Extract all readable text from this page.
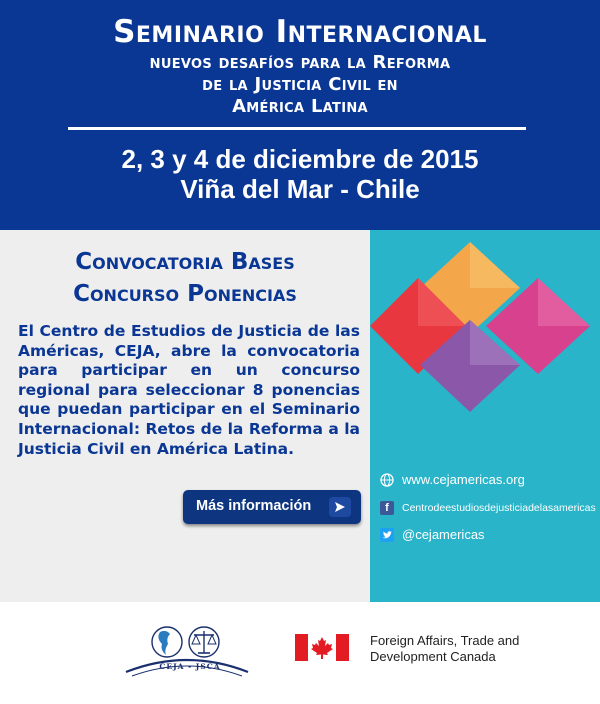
Seminario Internacional
nuevos desafíos para la Reforma
de la Justicia Civil en
América Latina
2, 3 y 4 de diciembre de 2015
Viña del Mar - Chile
Convocatoria Bases
Concurso Ponencias
El Centro de Estudios de Justicia de las Américas, CEJA, abre la convocatoria para participar en un concurso regional para seleccionar 8 ponencias que puedan participar en el Seminario Internacional: Retos de la Reforma a la Justicia Civil en América Latina.
Más información
www.cejamericas.org
f	Centrodeestudiosdejusticiadelasamericas
@cejamericas
CEJA - JSCA
Foreign Affairs, Trade and
Development Canada
